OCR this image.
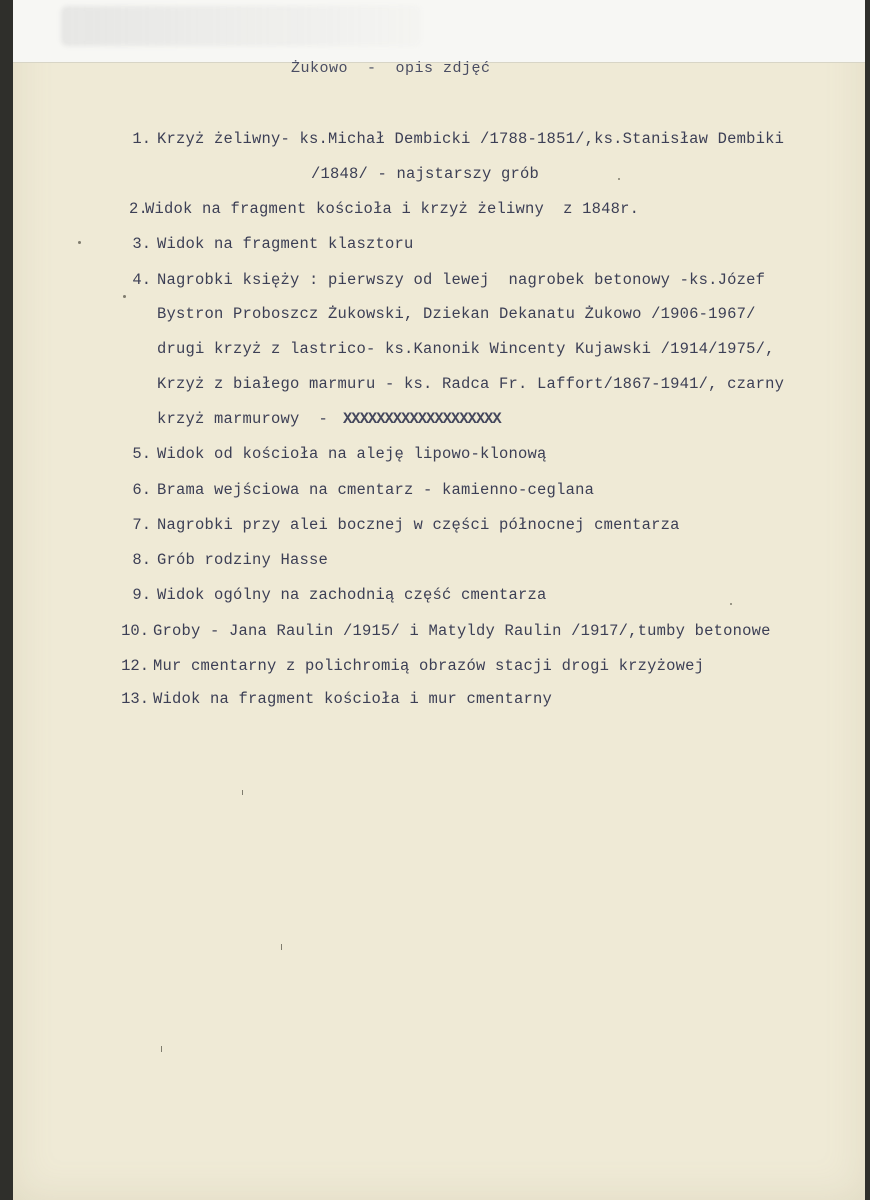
Żukowo  -  opis zdjęć
1. Krzyż żeliwny- ks.Michał Dembicki /1788-1851/,ks.Stanisław Dembiki
/1848/ - najstarszy grób
2.
Widok na fragment kościoła i krzyż żeliwny  z 1848r.
3. Widok na fragment klasztoru
4. Nagrobki księży : pierwszy od lewej  nagrobek betonowy -ks.Józef
Bystron Proboszcz Żukowski, Dziekan Dekanatu Żukowo /1906-1967/
drugi krzyż z lastrico- ks.Kanonik Wincenty Kujawski /1914/1975/,
Krzyż z białego marmuru - ks. Radca Fr. Laffort/1867-1941/, czarny
krzyż marmurowy  - XXXXXXXXXXXXXXXXXXX
5. Widok od kościoła na aleję lipowo-klonową
6. Brama wejściowa na cmentarz - kamienno-ceglana
7. Nagrobki przy alei bocznej w części północnej cmentarza
8. Grób rodziny Hasse
9. Widok ogólny na zachodnią część cmentarza
10. Groby - Jana Raulin /1915/ i Matyldy Raulin /1917/,tumby betonowe
12. Mur cmentarny z polichromią obrazów stacji drogi krzyżowej
13. Widok na fragment kościoła i mur cmentarny
